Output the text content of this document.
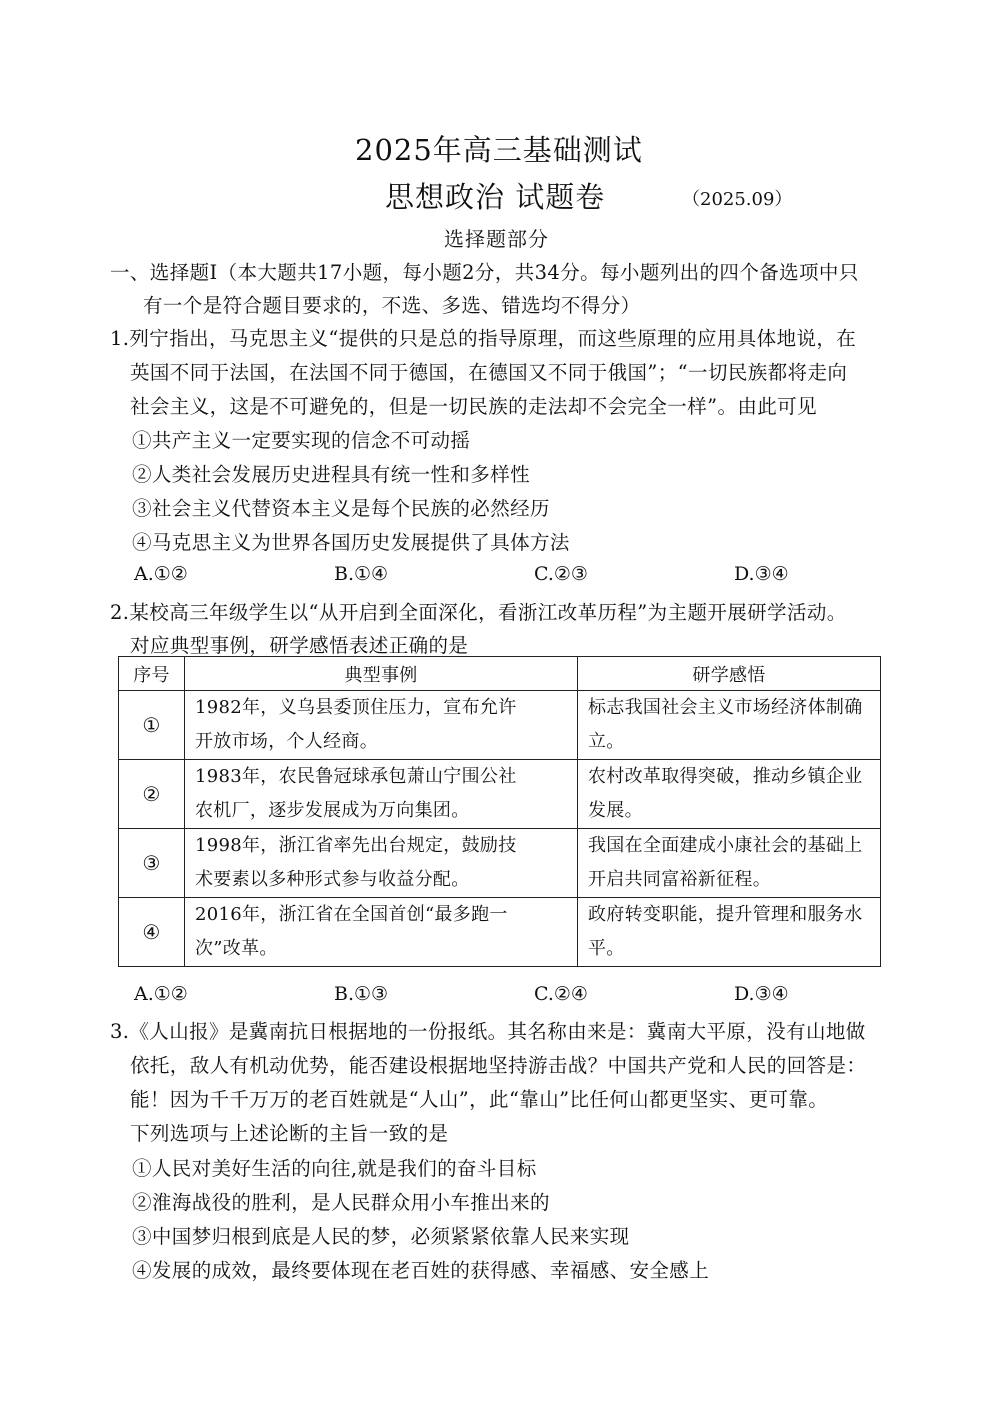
2025年高三基础测试
思想政治 试题卷	（2025.09）
选择题部分
一、选择题Ⅰ（本大题共17小题，每小题2分，共34分。每小题列出的四个备选项中只
有一个是符合题目要求的，不选、多选、错选均不得分）
1.列宁指出，马克思主义“提供的只是总的指导原理，而这些原理的应用具体地说，在
英国不同于法国，在法国不同于德国，在德国又不同于俄国”；“一切民族都将走向
社会主义，这是不可避免的，但是一切民族的走法却不会完全一样”。由此可见
①共产主义一定要实现的信念不可动摇
②人类社会发展历史进程具有统一性和多样性
③社会主义代替资本主义是每个民族的必然经历
④马克思主义为世界各国历史发展提供了具体方法
A.①②	B.①④	C.②③	D.③④
2.某校高三年级学生以“从开启到全面深化，看浙江改革历程”为主题开展研学活动。
对应典型事例，研学感悟表述正确的是
序号	典型事例	研学感悟
①	1982年，义乌县委顶住压力，宣布允许
开放市场，个人经商。	标志我国社会主义市场经济体制确
立。

②	1983年，农民鲁冠球承包萧山宁围公社
农机厂，逐步发展成为万向集团。	农村改革取得突破，推动乡镇企业
发展。

③	1998年，浙江省率先出台规定，鼓励技
术要素以多种形式参与收益分配。	我国在全面建成小康社会的基础上
开启共同富裕新征程。

④	2016年，浙江省在全国首创“最多跑一
次”改革。	政府转变职能，提升管理和服务水
平。
A.①②	B.①③	C.②④	D.③④
3.《人山报》是冀南抗日根据地的一份报纸。其名称由来是：冀南大平原，没有山地做
依托，敌人有机动优势，能否建设根据地坚持游击战？中国共产党和人民的回答是：
能！因为千千万万的老百姓就是“人山”，此“靠山”比任何山都更坚实、更可靠。
下列选项与上述论断的主旨一致的是
①人民对美好生活的向往,就是我们的奋斗目标
②淮海战役的胜利，是人民群众用小车推出来的
③中国梦归根到底是人民的梦，必须紧紧依靠人民来实现
④发展的成效，最终要体现在老百姓的获得感、幸福感、安全感上
